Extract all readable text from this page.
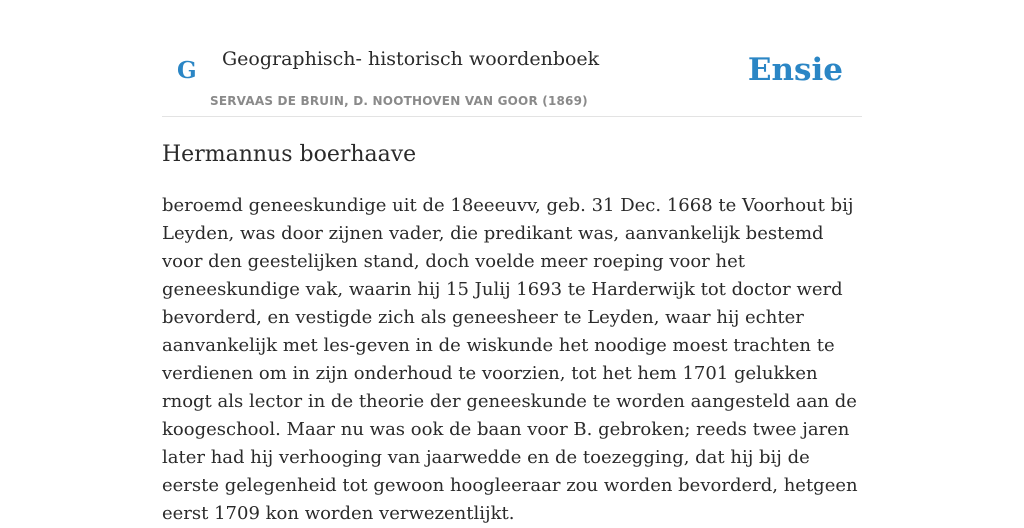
G Geographisch- historisch woordenboek
SERVAAS DE BRUIN, D. NOOTHOVEN VAN GOOR (1869)
Ensie
Hermannus boerhaave

beroemd geneeskundige uit de 18eeeuvv, geb. 31 Dec. 1668 te Voorhout bij Leyden, was door zijnen vader, die predikant was, aanvankelijk bestemd voor den geestelijken stand, doch voelde meer roeping voor het geneeskundige vak, waarin hij 15 Julij 1693 te Harderwijk tot doctor werd bevorderd, en vestigde zich als geneesheer te Leyden, waar hij echter aanvankelijk met les-geven in de wiskunde het noodige moest trachten te verdienen om in zijn onderhoud te voorzien, tot het hem 1701 gelukken rnogt als lector in de theorie der geneeskunde te worden aangesteld aan de koogeschool. Maar nu was ook de baan voor B. gebroken; reeds twee jaren later had hij verhooging van jaarwedde en de toezegging, dat hij bij de eerste gelegenheid tot gewoon hoogleeraar zou worden bevorderd, hetgeen eerst 1709 kon worden verwezentlijkt.
